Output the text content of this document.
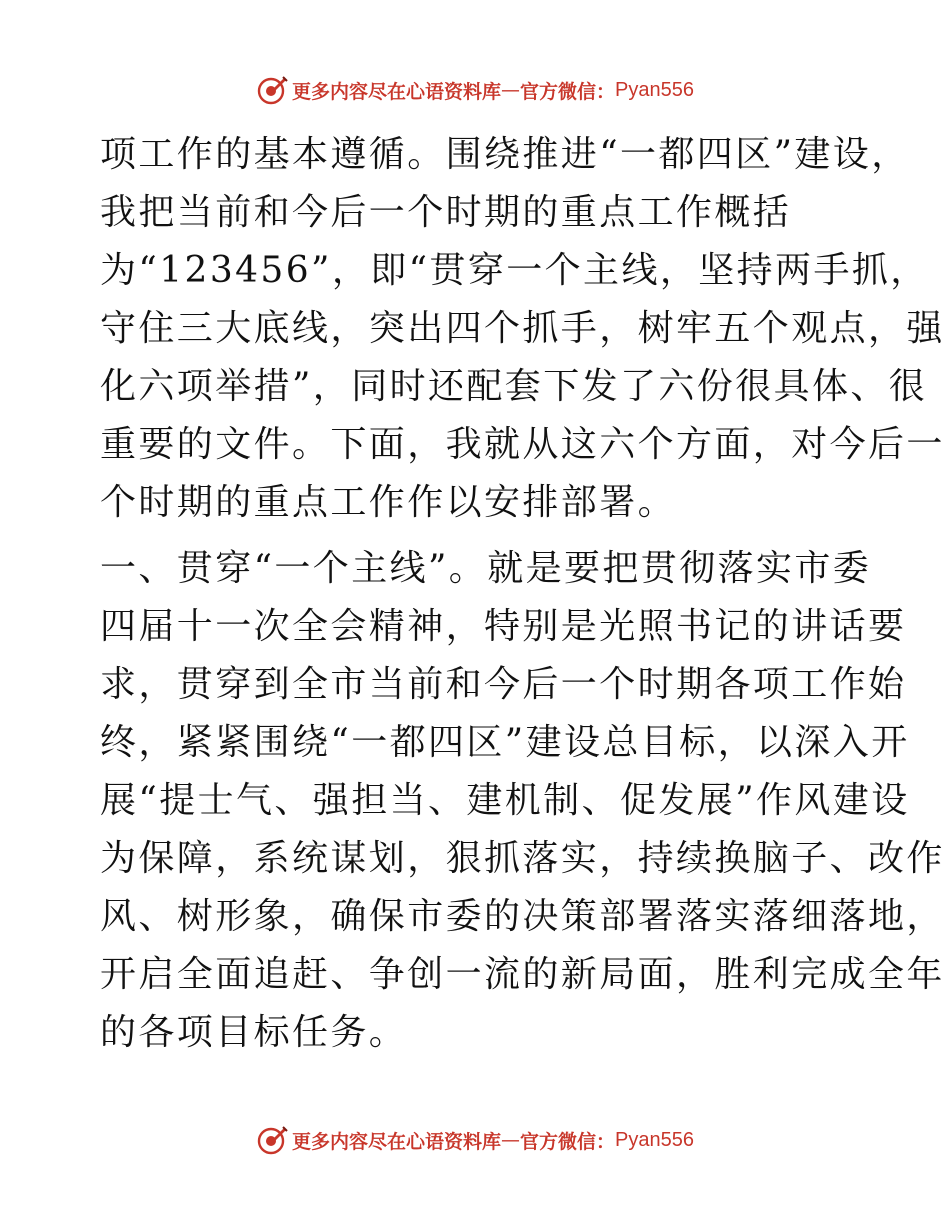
更多内容尽在心语资料库 — 官方微信： Pyan556
项工作的基本遵循。围绕推进“一都四区”建设，
我把当前和今后一个时期的重点工作概括
为“123456”，即“贯穿一个主线，坚持两手抓，
守住三大底线，突出四个抓手，树牢五个观点，强
化六项举措”，同时还配套下发了六份很具体、很
重要的文件。下面，我就从这六个方面，对今后一
个时期的重点工作作以安排部署。
一、贯穿“一个主线”。就是要把贯彻落实市委
四届十一次全会精神，特别是光照书记的讲话要
求，贯穿到全市当前和今后一个时期各项工作始
终，紧紧围绕“一都四区”建设总目标，以深入开
展“提士气、强担当、建机制、促发展”作风建设
为保障，系统谋划，狠抓落实，持续换脑子、改作
风、树形象，确保市委的决策部署落实落细落地，
开启全面追赶、争创一流的新局面，胜利完成全年
的各项目标任务。
更多内容尽在心语资料库 — 官方微信： Pyan556
